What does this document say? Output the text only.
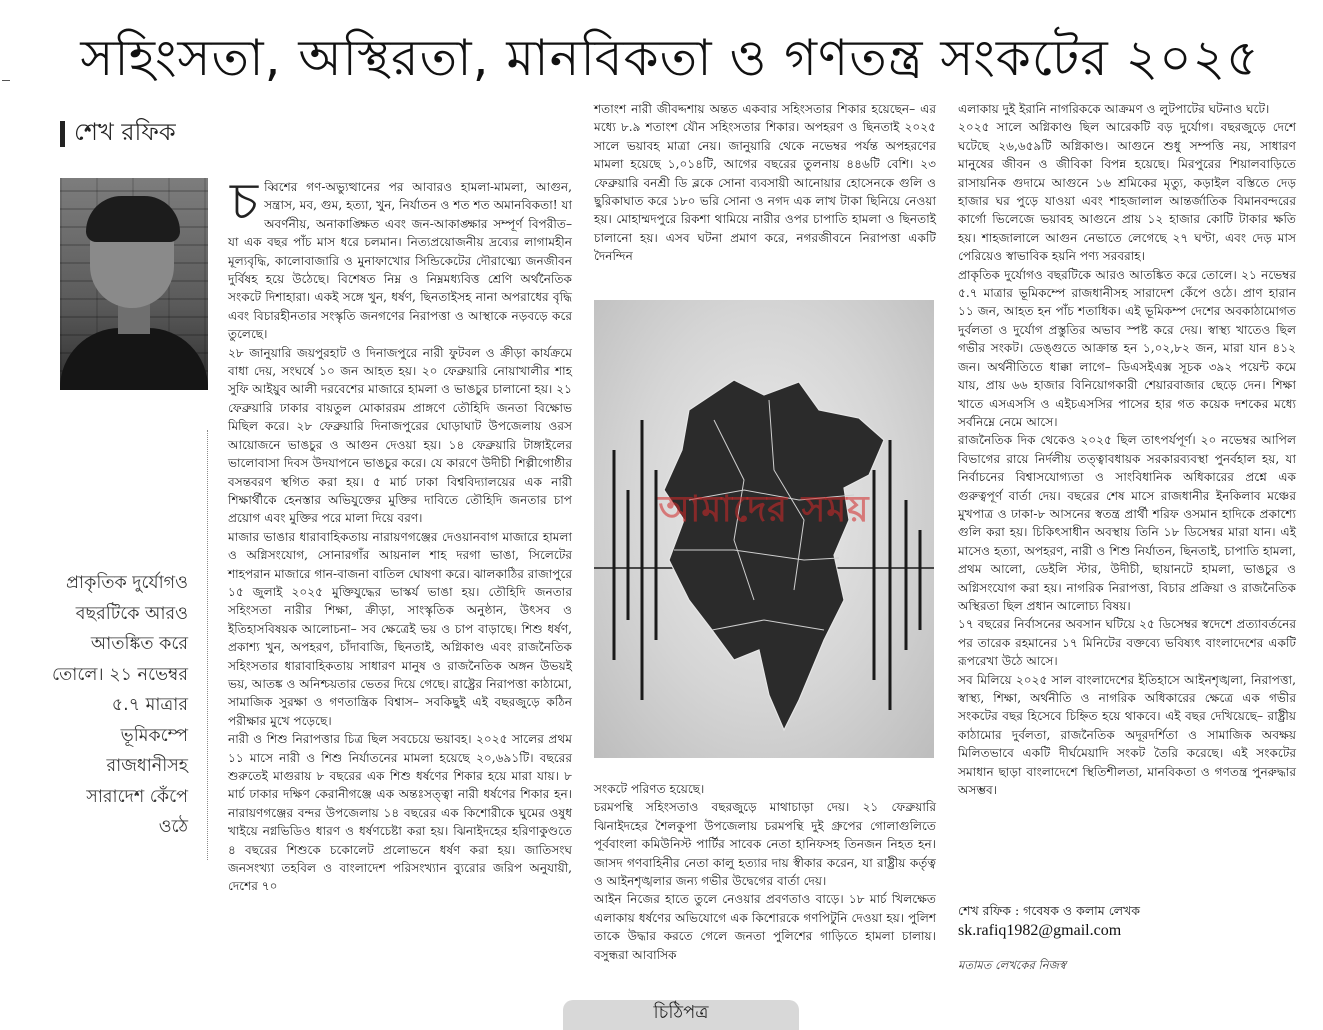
সহিংসতা, অস্থিরতা, মানবিকতা ও গণতন্ত্র সংকটের ২০২৫
শেখ রফিক
প্রাকৃতিক দুর্যোগও বছরটিকে আরও আতঙ্কিত করে তোলে। ২১ নভেম্বর ৫.৭ মাত্রার ভূমিকম্পে রাজধানীসহ সারাদেশ কেঁপে ওঠে

চব্বিশের গণ-অভ্যুত্থানের পর আবারও হামলা-মামলা, আগুন, সন্ত্রাস, মব, গুম, হত্যা, খুন, নির্যাতন ও শত শত অমানবিকতা! যা অবর্ণনীয়, অনাকাঙ্ক্ষিত এবং জন-আকাঙ্ক্ষার সম্পূর্ণ বিপরীত– যা এক বছর পাঁচ মাস ধরে চলমান। নিত্যপ্রয়োজনীয় দ্রব্যের লাগামহীন মূল্যবৃদ্ধি, কালোবাজারি ও মুনাফাখোর সিন্ডিকেটের দৌরাত্ম্যে জনজীবন দুর্বিষহ হয়ে উঠেছে। বিশেষত নিম্ন ও নিম্নমধ্যবিত্ত শ্রেণি অর্থনৈতিক সংকটে দিশাহারা। একই সঙ্গে খুন, ধর্ষণ, ছিনতাইসহ নানা অপরাধের বৃদ্ধি এবং বিচারহীনতার সংস্কৃতি জনগণের নিরাপত্তা ও আস্থাকে নড়বড়ে করে তুলেছে।

২৮ জানুয়ারি জয়পুরহাট ও দিনাজপুরে নারী ফুটবল ও ক্রীড়া কার্যক্রমে বাধা দেয়, সংঘর্ষে ১০ জন আহত হয়। ২০ ফেব্রুয়ারি নোয়াখালীর শাহ সুফি আইয়ুব আলী দরবেশের মাজারে হামলা ও ভাঙচুর চালানো হয়। ২১ ফেব্রুয়ারি ঢাকার বায়তুল মোকাররম প্রাঙ্গণে তৌহিদি জনতা বিক্ষোভ মিছিল করে। ২৮ ফেব্রুয়ারি দিনাজপুরের ঘোড়াঘাট উপজেলায় ওরস আয়োজনে ভাঙচুর ও আগুন দেওয়া হয়। ১৪ ফেব্রুয়ারি টাঙ্গাইলের ভালোবাসা দিবস উদযাপনে ভাঙচুর করে। যে কারণে উদীচী শিল্পীগোষ্ঠীর বসন্তবরণ স্থগিত করা হয়। ৫ মার্চ ঢাকা বিশ্ববিদ্যালয়ের এক নারী শিক্ষার্থীকে হেনস্তার অভিযুক্তের মুক্তির দাবিতে তৌহিদি জনতার চাপ প্রয়োগ এবং মুক্তির পরে মালা দিয়ে বরণ।

মাজার ভাঙার ধারাবাহিকতায় নারায়ণগঞ্জের দেওয়ানবাগ মাজারে হামলা ও অগ্নিসংযোগ, সোনারগাঁর আয়নাল শাহ দরগা ভাঙা, সিলেটের শাহপরান মাজারে গান-বাজনা বাতিল ঘোষণা করে। ঝালকাঠির রাজাপুরে ১৫ জুলাই ২০২৫ মুক্তিযুদ্ধের ভাস্কর্য ভাঙা হয়। তৌহিদি জনতার সহিংসতা নারীর শিক্ষা, ক্রীড়া, সাংস্কৃতিক অনুষ্ঠান, উৎসব ও ইতিহাসবিষয়ক আলোচনা– সব ক্ষেত্রেই ভয় ও চাপ বাড়াছে। শিশু ধর্ষণ, প্রকাশ্য খুন, অপহরণ, চাঁদাবাজি, ছিনতাই, অগ্নিকাণ্ড এবং রাজনৈতিক সহিংসতার ধারাবাহিকতায় সাধারণ মানুষ ও রাজনৈতিক অঙ্গন উভয়ই ভয়, আতঙ্ক ও অনিশ্চয়তার ভেতর দিয়ে গেছে। রাষ্ট্রের নিরাপত্তা কাঠামো, সামাজিক সুরক্ষা ও গণতান্ত্রিক বিশ্বাস– সবকিছুই এই বছরজুড়ে কঠিন পরীক্ষার মুখে পড়েছে।

নারী ও শিশু নিরাপত্তার চিত্র ছিল সবচেয়ে ভয়াবহ। ২০২৫ সালের প্রথম ১১ মাসে নারী ও শিশু নির্যাতনের মামলা হয়েছে ২০,৬৯১টি। বছরের শুরুতেই মাগুরায় ৮ বছরের এক শিশু ধর্ষণের শিকার হয়ে মারা যায়। ৮ মার্চ ঢাকার দক্ষিণ কেরানীগঞ্জে এক অন্তঃসত্ত্বা নারী ধর্ষণের শিকার হন। নারায়ণগঞ্জের বন্দর উপজেলায় ১৪ বছরের এক কিশোরীকে ঘুমের ওষুধ খাইয়ে নগ্নভিডিও ধারণ ও ধর্ষণচেষ্টা করা হয়। ঝিনাইদহের হরিণাকুণ্ডতে ৪ বছরের শিশুকে চকোলেট প্রলোভনে ধর্ষণ করা হয়। জাতিসংঘ জনসংখ্যা তহবিল ও বাংলাদেশ পরিসংখ্যান ব্যুরোর জরিপ অনুযায়ী, দেশের ৭০

শতাংশ নারী জীবদ্দশায় অন্তত একবার সহিংসতার শিকার হয়েছেন– এর মধ্যে ৮.৯ শতাংশ যৌন সহিংসতার শিকার। অপহরণ ও ছিনতাই ২০২৫ সালে ভয়াবহ মাত্রা নেয়। জানুয়ারি থেকে নভেম্বর পর্যন্ত অপহরণের মামলা হয়েছে ১,০১৪টি, আগের বছরের তুলনায় ৪৪৬টি বেশি। ২৩ ফেব্রুয়ারি বনশ্রী ডি ব্লকে সোনা ব্যবসায়ী আনোয়ার হোসেনকে গুলি ও ছুরিকাঘাত করে ১৮০ ভরি সোনা ও নগদ এক লাখ টাকা ছিনিয়ে নেওয়া হয়। মোহাম্মদপুরে রিকশা থামিয়ে নারীর ওপর চাপাতি হামলা ও ছিনতাই চালানো হয়। এসব ঘটনা প্রমাণ করে, নগরজীবনে নিরাপত্তা একটি দৈনন্দিন

আমাদের সময়

সংকটে পরিণত হয়েছে।

চরমপন্থি সহিংসতাও বছরজুড়ে মাথাচাড়া দেয়। ২১ ফেব্রুয়ারি ঝিনাইদহের শৈলকুপা উপজেলায় চরমপন্থি দুই গ্রুপের গোলাগুলিতে পূর্ববাংলা কমিউনিস্ট পার্টির সাবেক নেতা হানিফসহ তিনজন নিহত হন। জাসদ গণবাহিনীর নেতা কালু হত্যার দায় স্বীকার করেন, যা রাষ্ট্রীয় কর্তৃত্ব ও আইনশৃঙ্খলার জন্য গভীর উদ্বেগের বার্তা দেয়।

আইন নিজের হাতে তুলে নেওয়ার প্রবণতাও বাড়ে। ১৮ মার্চ খিলক্ষেত এলাকায় ধর্ষণের অভিযোগে এক কিশোরকে গণপিটুনি দেওয়া হয়। পুলিশ তাকে উদ্ধার করতে গেলে জনতা পুলিশের গাড়িতে হামলা চালায়। বসুন্ধরা আবাসিক

এলাকায় দুই ইরানি নাগরিককে আক্রমণ ও লুটপাটের ঘটনাও ঘটে।

২০২৫ সালে অগ্নিকাণ্ড ছিল আরেকটি বড় দুর্যোগ। বছরজুড়ে দেশে ঘটেছে ২৬,৬৫৯টি অগ্নিকাণ্ড। আগুনে শুধু সম্পত্তি নয়, সাধারণ মানুষের জীবন ও জীবিকা বিপন্ন হয়েছে। মিরপুরের শিয়ালবাড়িতে রাসায়নিক গুদামে আগুনে ১৬ শ্রমিকের মৃত্যু, কড়াইল বস্তিতে দেড় হাজার ঘর পুড়ে যাওয়া এবং শাহজালাল আন্তর্জাতিক বিমানবন্দরের কার্গো ভিলেজে ভয়াবহ আগুনে প্রায় ১২ হাজার কোটি টাকার ক্ষতি হয়। শাহজালালে আগুন নেভাতে লেগেছে ২৭ ঘণ্টা, এবং দেড় মাস পেরিয়েও স্বাভাবিক হয়নি পণ্য সরবরাহ।

প্রাকৃতিক দুর্যোগও বছরটিকে আরও আতঙ্কিত করে তোলে। ২১ নভেম্বর ৫.৭ মাত্রার ভূমিকম্পে রাজধানীসহ সারাদেশ কেঁপে ওঠে। প্রাণ হারান ১১ জন, আহত হন পাঁচ শতাধিক। এই ভূমিকম্প দেশের অবকাঠামোগত দুর্বলতা ও দুর্যোগ প্রস্তুতির অভাব স্পষ্ট করে দেয়। স্বাস্থ্য খাতেও ছিল গভীর সংকট। ডেঙ্গুতে আক্রান্ত হন ১,০২,৮২ জন, মারা যান ৪১২ জন। অর্থনীতিতে ধাক্কা লাগে– ডিএসইএক্স সূচক ৩৯২ পয়েন্ট কমে যায়, প্রায় ৬৬ হাজার বিনিয়োগকারী শেয়ারবাজার ছেড়ে দেন। শিক্ষা খাতে এসএসসি ও এইচএসসির পাসের হার গত কয়েক দশকের মধ্যে সর্বনিম্নে নেমে আসে।

রাজনৈতিক দিক থেকেও ২০২৫ ছিল তাৎপর্যপূর্ণ। ২০ নভেম্বর আপিল বিভাগের রায়ে নির্দলীয় তত্ত্বাবধায়ক সরকারব্যবস্থা পুনর্বহাল হয়, যা নির্বাচনের বিশ্বাসযোগ্যতা ও সাংবিধানিক অধিকারের প্রশ্নে এক গুরুত্বপূর্ণ বার্তা দেয়। বছরের শেষ মাসে রাজধানীর ইনকিলাব মঞ্চের মুখপাত্র ও ঢাকা-৮ আসনের স্বতন্ত্র প্রার্থী শরিফ ওসমান হাদিকে প্রকাশ্যে গুলি করা হয়। চিকিৎসাধীন অবস্থায় তিনি ১৮ ডিসেম্বর মারা যান। এই মাসেও হত্যা, অপহরণ, নারী ও শিশু নির্যাতন, ছিনতাই, চাপাতি হামলা, প্রথম আলো, ডেইলি স্টার, উদীচী, ছায়ানটে হামলা, ভাঙচুর ও অগ্নিসংযোগ করা হয়। নাগরিক নিরাপত্তা, বিচার প্রক্রিয়া ও রাজনৈতিক অস্থিরতা ছিল প্রধান আলোচ্য বিষয়।

১৭ বছরের নির্বাসনের অবসান ঘটিয়ে ২৫ ডিসেম্বর স্বদেশে প্রত্যাবর্তনের পর তারেক রহমানের ১৭ মিনিটের বক্তব্যে ভবিষ্যৎ বাংলাদেশের একটি রূপরেখা উঠে আসে।

সব মিলিয়ে ২০২৫ সাল বাংলাদেশের ইতিহাসে আইনশৃঙ্খলা, নিরাপত্তা, স্বাস্থ্য, শিক্ষা, অর্থনীতি ও নাগরিক অধিকারের ক্ষেত্রে এক গভীর সংকটের বছর হিসেবে চিহ্নিত হয়ে থাকবে। এই বছর দেখিয়েছে– রাষ্ট্রীয় কাঠামোর দুর্বলতা, রাজনৈতিক অদূরদর্শিতা ও সামাজিক অবক্ষয় মিলিতভাবে একটি দীর্ঘমেয়াদি সংকট তৈরি করেছে। এই সংকটের সমাধান ছাড়া বাংলাদেশে স্থিতিশীলতা, মানবিকতা ও গণতন্ত্র পুনরুদ্ধার অসম্ভব।

শেখ রফিক : গবেষক ও কলাম লেখক
sk.rafiq1982@gmail.com
মতামত লেখকের নিজস্ব
চিঠিপত্র
